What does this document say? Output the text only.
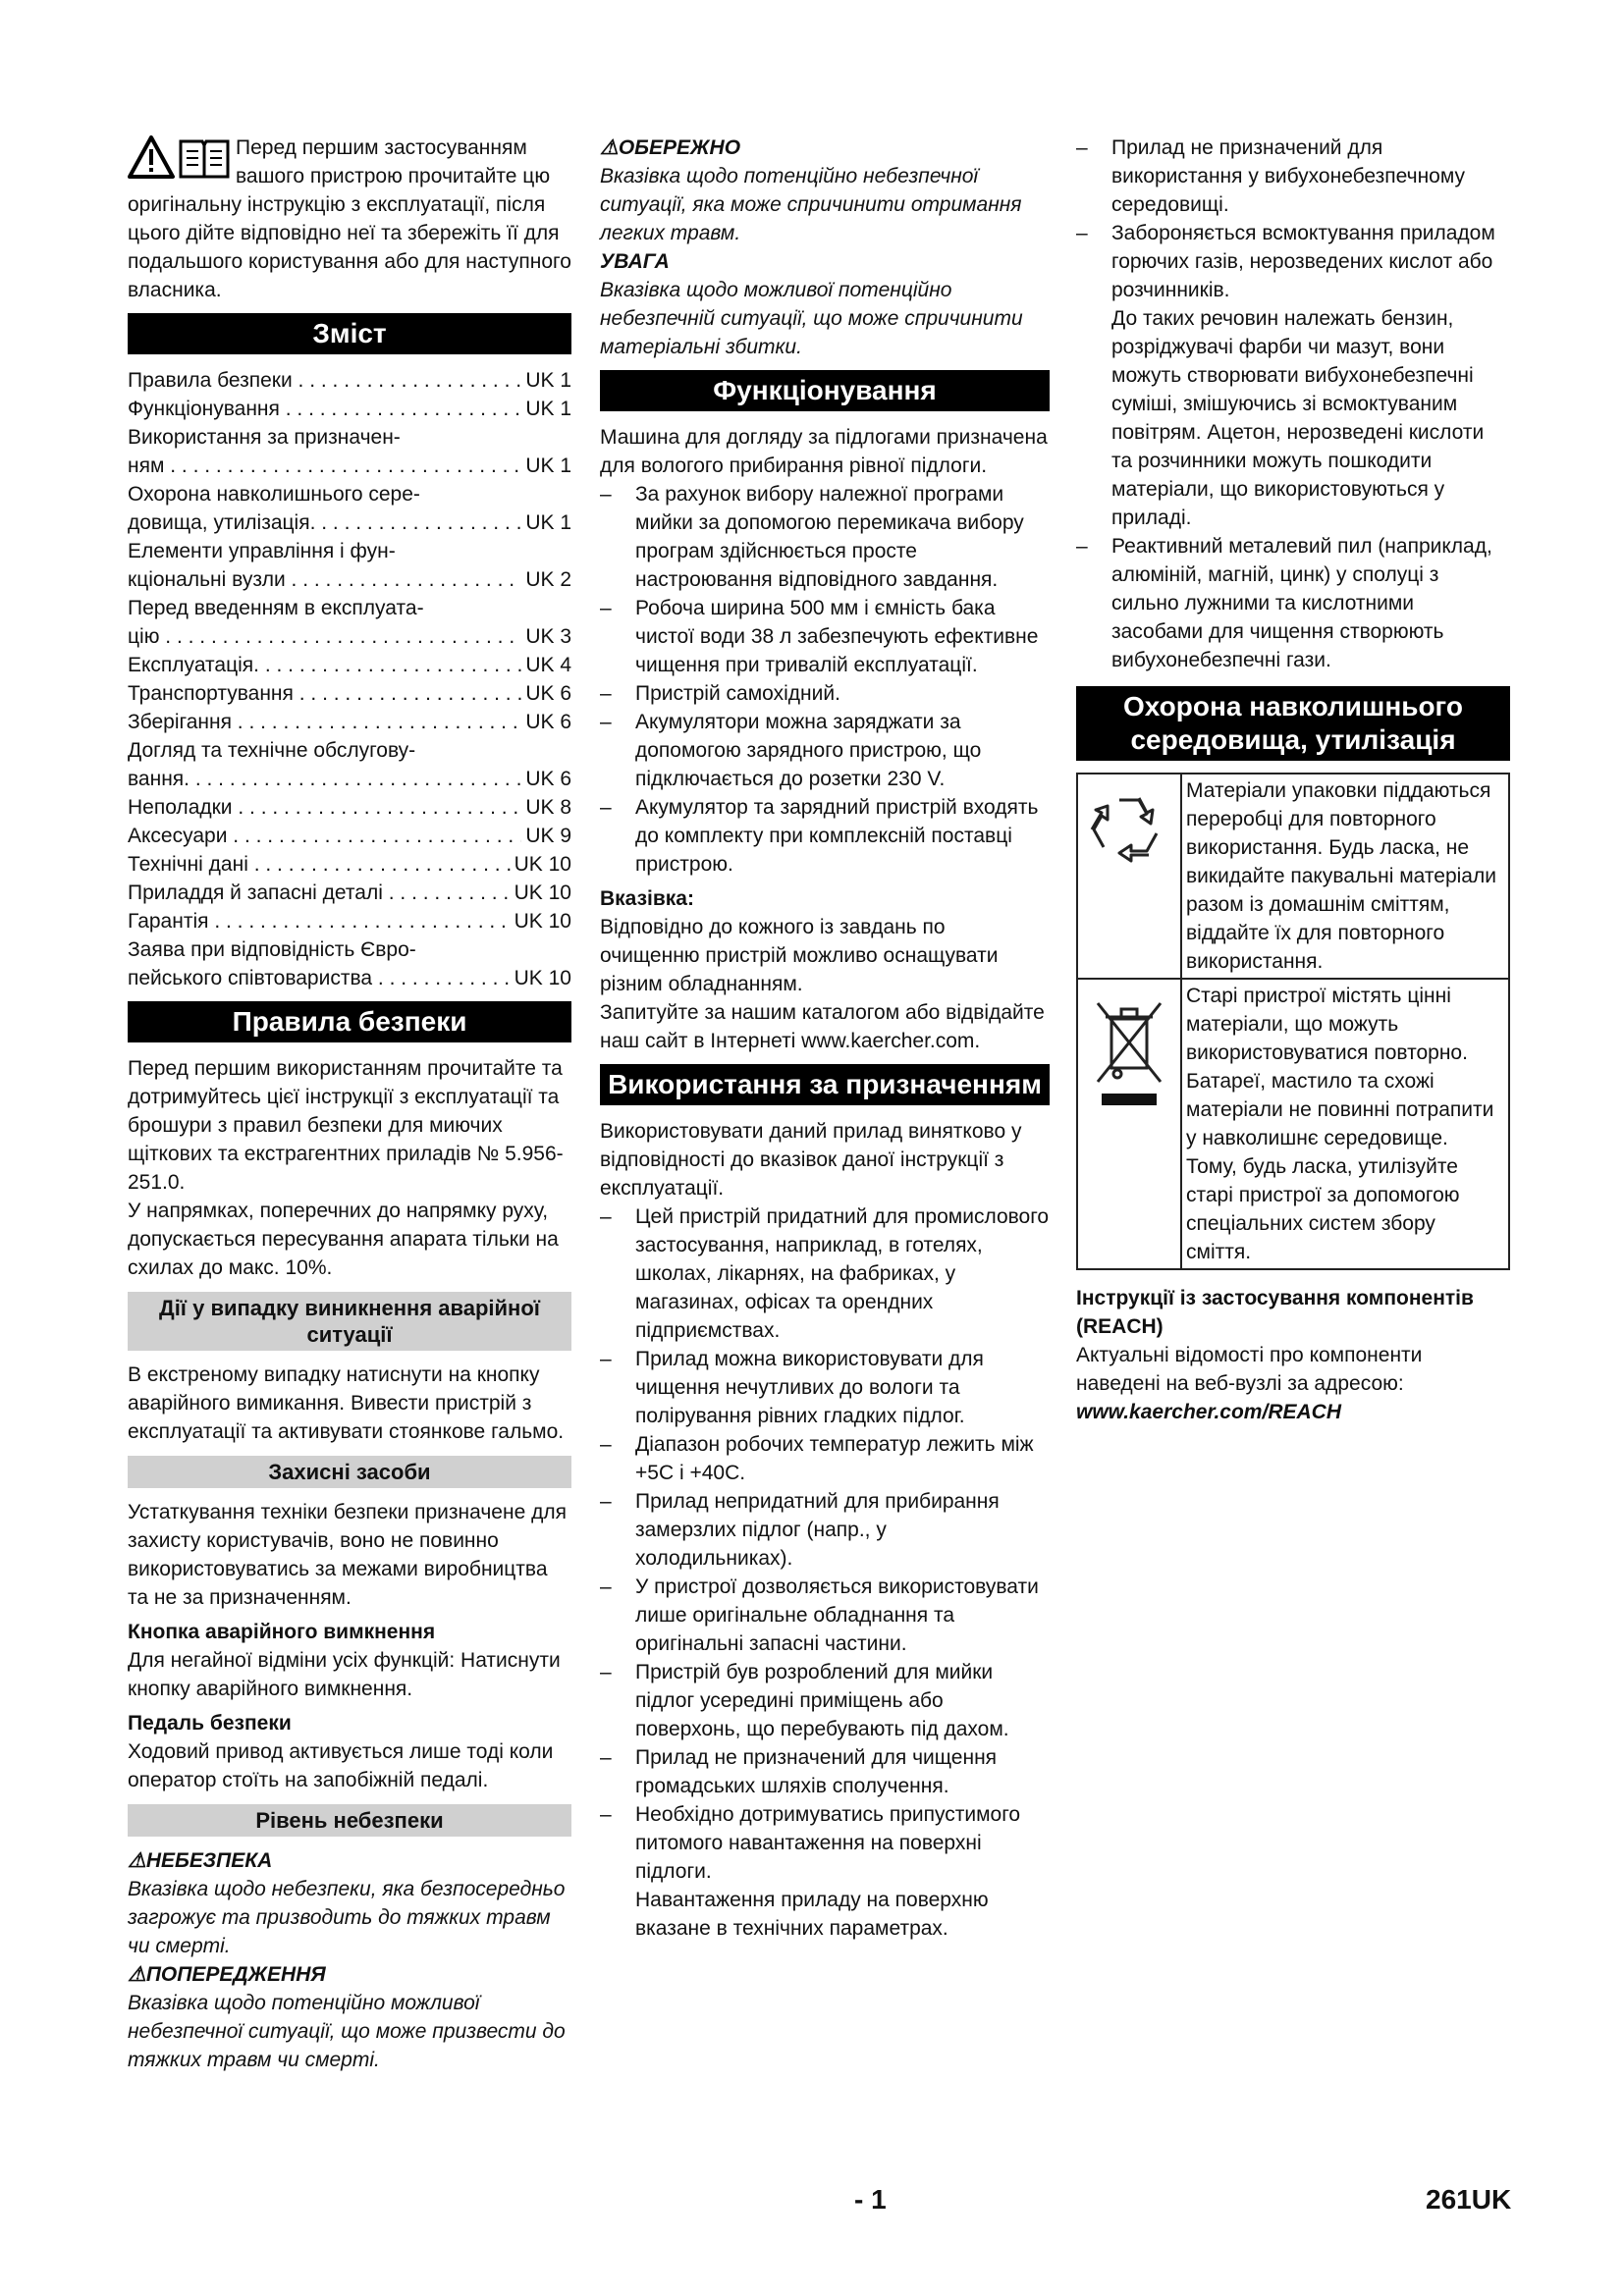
Перед першим застосуванням вашого пристрою прочитайте цю оригінальну інструкцію з експлуатації, після цього дійте відповідно неї та збережіть її для подальшого користування або для наступного власника.

Зміст
Правила безпеки . . .	UK 1
Функціонування . . .	UK 1
Використання за призначен-
ням . . .	UK 1
Охорона навколишнього сере-
довища, утилізація. . . .	UK 1
Елементи управління і фун-
кціональні вузли . . .	UK 2
Перед введенням в експлуата-
цію . . .	UK 3
Експлуатація. . . .	UK 4
Транспортування . . .	UK 6
Зберігання . . .	UK 6
Догляд та технічне обслугову-
вання. . . .	UK 6
Неполадки . . .	UK 8
Аксесуари . . .	UK 9
Технічні дані . . .	UK 10
Приладдя й запасні деталі . . .	UK 10
Гарантія . . .	UK 10
Заява при відповідність Євро-
пейського співтовариства . . .	UK 10
Правила безпеки

Перед першим використанням прочитайте та дотримуйтесь цієї інструкції з експлуатації та брошури з правил безпеки для миючих щіткових та екстрагентних приладів № 5.956-251.0.

У напрямках, поперечних до напрямку руху, допускається пересування апарата тільки на схилах до макс. 10%.

Дії у випадку виникнення аварійної ситуації

В екстреному випадку натиснути на кнопку аварійного вимикання. Вивести пристрій з експлуатації та активувати стоянкове гальмо.

Захисні засоби

Устаткування техніки безпеки призначене для захисту користувачів, воно не повинно використовуватись за межами виробництва та не за призначенням.

Кнопка аварійного вимкнення

Для негайної відміни усіх функцій: Натиснути кнопку аварійного вимкнення.

Педаль безпеки

Ходовий привод активується лише тоді коли оператор стоїть на запобіжній педалі.

Рівень небезпеки

⚠НЕБЕЗПЕКА

Вказівка щодо небезпеки, яка безпосередньо загрожує та призводить до тяжких травм чи смерті.

⚠ПОПЕРЕДЖЕННЯ

Вказівка щодо потенційно можливої небезпечної ситуації, що може призвести до тяжких травм чи смерті.

⚠ОБЕРЕЖНО

Вказівка щодо потенційно небезпечної ситуації, яка може спричинити отримання легких травм.

УВАГА

Вказівка щодо можливої потенційно небезпечній ситуації, що може спричинити матеріальні збитки.

Функціонування

Машина для догляду за підлогами призначена для вологого прибирання рівної підлоги.

– За рахунок вибору належної програми мийки за допомогою перемикача вибору програм здійснюється просте настроювання відповідного завдання.

– Робоча ширина 500 мм і ємність бака чистої води 38 л забезпечують ефективне чищення при тривалій експлуатації.

– Пристрій самохідний.

– Акумулятори можна заряджати за допомогою зарядного пристрою, що підключається до розетки 230 V.

– Акумулятор та зарядний пристрій входять до комплекту при комплексній поставці пристрою.

Вказівка:

Відповідно до кожного із завдань по очищенню пристрій можливо оснащувати різним обладнанням.

Запитуйте за нашим каталогом або відвідайте наш сайт в Інтернеті www.kaercher.com.

Використання за призначенням

Використовувати даний прилад винятково у відповідності до вказівок даної інструкції з експлуатації.

– Цей пристрій придатний для промислового застосування, наприклад, в готелях, школах, лікарнях, на фабриках, у магазинах, офісах та орендних підприємствах.

– Прилад можна використовувати для чищення нечутливих до вологи та полірування рівних гладких підлог.

– Діапазон робочих температур лежить між +5C і +40C.

– Прилад непридатний для прибирання замерзлих підлог (напр., у холодильниках).

– У пристрої дозволяється використовувати лише оригінальне обладнання та оригінальні запасні частини.

– Пристрій був розроблений для мийки підлог усередині приміщень або поверхонь, що перебувають під дахом.

– Прилад не призначений для чищення громадських шляхів сполучення.

– Необхідно дотримуватись припустимого питомого навантаження на поверхні підлоги.

Навантаження приладу на поверхню вказане в технічних параметрах.

– Прилад не призначений для використання у вибухонебезпечному середовищі.

– Забороняється всмоктування приладом горючих газів, нерозведених кислот або розчинників.

До таких речовин належать бензин, розріджувачі фарби чи мазут, вони можуть створювати вибухонебезпечні суміші, змішуючись зі всмоктуваним повітрям. Ацетон, нерозведені кислоти та розчинники можуть пошкодити матеріали, що використовуються у приладі.

– Реактивний металевий пил (наприклад, алюміній, магній, цинк) у сполуці з сильно лужними та кислотними засобами для чищення створюють вибухонебезпечні гази.

Охорона навколишнього середовища, утилізація
	Матеріали упаковки піддаються переробці для повторного використання. Будь ласка, не викидайте пакувальні матеріали разом із домашнім сміттям, віддайте їх для повторного використання.
	Старі пристрої містять цінні матеріали, що можуть використовуватися повторно. Батареї, мастило та схожі матеріали не повинні потрапити у навколишнє середовище. Тому, будь ласка, утилізуйте старі пристрої за допомогою спеціальних систем збору сміття.

Інструкції із застосування компонентів (REACH)

Актуальні відомості про компоненти наведені на веб-вузлі за адресою:

www.kaercher.com/REACH

- 1	261UK
